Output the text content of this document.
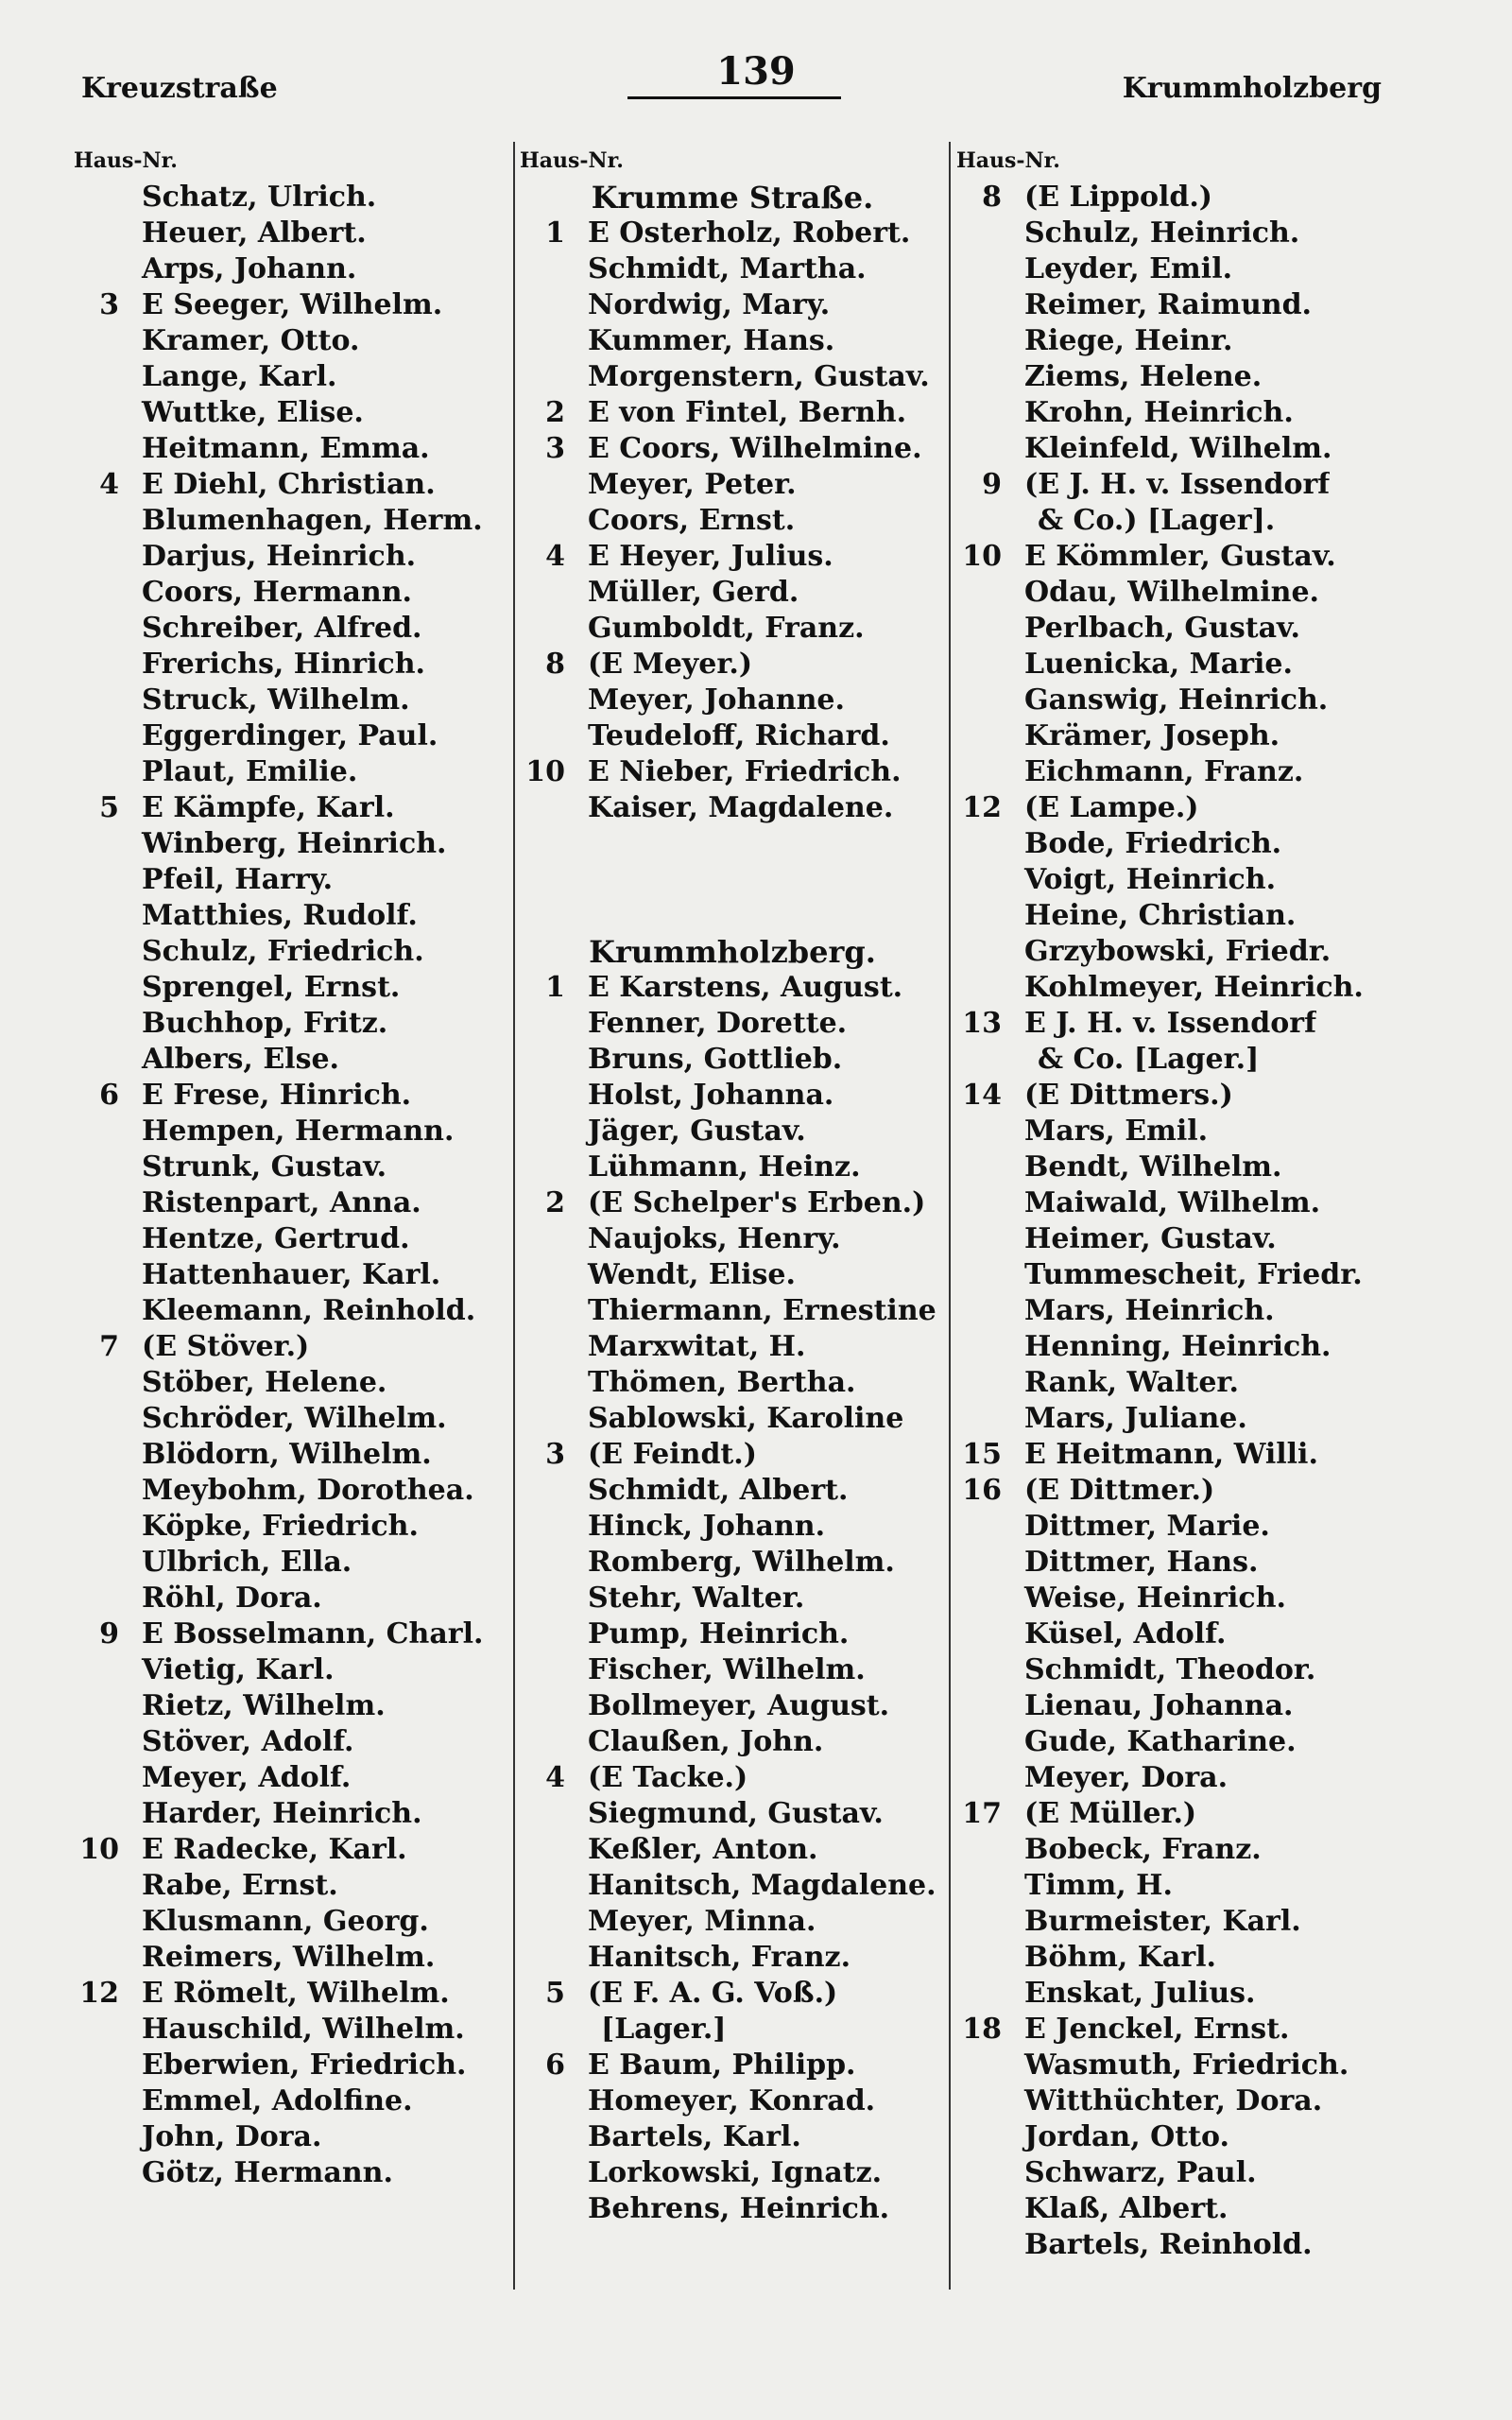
Kreuzstraße	139	Krummholzberg
Haus-Nr.
Schatz, Ulrich.
Heuer, Albert.
Arps, Johann.
3 E Seeger, Wilhelm.
Kramer, Otto.
Lange, Karl.
Wuttke, Elise.
Heitmann, Emma.
4 E Diehl, Christian.
Blumenhagen, Herm.
Darjus, Heinrich.
Coors, Hermann.
Schreiber, Alfred.
Frerichs, Hinrich.
Struck, Wilhelm.
Eggerdinger, Paul.
Plaut, Emilie.
5 E Kämpfe, Karl.
Winberg, Heinrich.
Pfeil, Harry.
Matthies, Rudolf.
Schulz, Friedrich.
Sprengel, Ernst.
Buchhop, Fritz.
Albers, Else.
6 E Frese, Hinrich.
Hempen, Hermann.
Strunk, Gustav.
Ristenpart, Anna.
Hentze, Gertrud.
Hattenhauer, Karl.
Kleemann, Reinhold.
7 (E Stöver.)
Stöber, Helene.
Schröder, Wilhelm.
Blödorn, Wilhelm.
Meybohm, Dorothea.
Köpke, Friedrich.
Ulbrich, Ella.
Röhl, Dora.
9 E Bosselmann, Charl.
Vietig, Karl.
Rietz, Wilhelm.
Stöver, Adolf.
Meyer, Adolf.
Harder, Heinrich.
10 E Radecke, Karl.
Rabe, Ernst.
Klusmann, Georg.
Reimers, Wilhelm.
12 E Römelt, Wilhelm.
Hauschild, Wilhelm.
Eberwien, Friedrich.
Emmel, Adolfine.
John, Dora.
Götz, Hermann.
Haus-Nr.
Krumme Straße.
1 E Osterholz, Robert.
Schmidt, Martha.
Nordwig, Mary.
Kummer, Hans.
Morgenstern, Gustav.
2 E von Fintel, Bernh.
3 E Coors, Wilhelmine.
Meyer, Peter.
Coors, Ernst.
4 E Heyer, Julius.
Müller, Gerd.
Gumboldt, Franz.
8 (E Meyer.)
Meyer, Johanne.
Teudeloff, Richard.
10 E Nieber, Friedrich.
Kaiser, Magdalene.
Krummholzberg.
1 E Karstens, August.
Fenner, Dorette.
Bruns, Gottlieb.
Holst, Johanna.
Jäger, Gustav.
Lühmann, Heinz.
2 (E Schelper's Erben.)
Naujoks, Henry.
Wendt, Elise.
Thiermann, Ernestine
Marxwitat, H.
Thömen, Bertha.
Sablowski, Karoline
3 (E Feindt.)
Schmidt, Albert.
Hinck, Johann.
Romberg, Wilhelm.
Stehr, Walter.
Pump, Heinrich.
Fischer, Wilhelm.
Bollmeyer, August.
Claußen, John.
4 (E Tacke.)
Siegmund, Gustav.
Keßler, Anton.
Hanitsch, Magdalene.
Meyer, Minna.
Hanitsch, Franz.
5 (E F. A. G. Voß.)
[Lager.]
6 E Baum, Philipp.
Homeyer, Konrad.
Bartels, Karl.
Lorkowski, Ignatz.
Behrens, Heinrich.
Haus-Nr.
8 (E Lippold.)
Schulz, Heinrich.
Leyder, Emil.
Reimer, Raimund.
Riege, Heinr.
Ziems, Helene.
Krohn, Heinrich.
Kleinfeld, Wilhelm.
9 (E J. H. v. Issendorf
& Co.) [Lager].
10 E Kömmler, Gustav.
Odau, Wilhelmine.
Perlbach, Gustav.
Luenicka, Marie.
Ganswig, Heinrich.
Krämer, Joseph.
Eichmann, Franz.
12 (E Lampe.)
Bode, Friedrich.
Voigt, Heinrich.
Heine, Christian.
Grzybowski, Friedr.
Kohlmeyer, Heinrich.
13 E J. H. v. Issendorf
& Co. [Lager.]
14 (E Dittmers.)
Mars, Emil.
Bendt, Wilhelm.
Maiwald, Wilhelm.
Heimer, Gustav.
Tummescheit, Friedr.
Mars, Heinrich.
Henning, Heinrich.
Rank, Walter.
Mars, Juliane.
15 E Heitmann, Willi.
16 (E Dittmer.)
Dittmer, Marie.
Dittmer, Hans.
Weise, Heinrich.
Küsel, Adolf.
Schmidt, Theodor.
Lienau, Johanna.
Gude, Katharine.
Meyer, Dora.
17 (E Müller.)
Bobeck, Franz.
Timm, H.
Burmeister, Karl.
Böhm, Karl.
Enskat, Julius.
18 E Jenckel, Ernst.
Wasmuth, Friedrich.
Witthüchter, Dora.
Jordan, Otto.
Schwarz, Paul.
Klaß, Albert.
Bartels, Reinhold.
